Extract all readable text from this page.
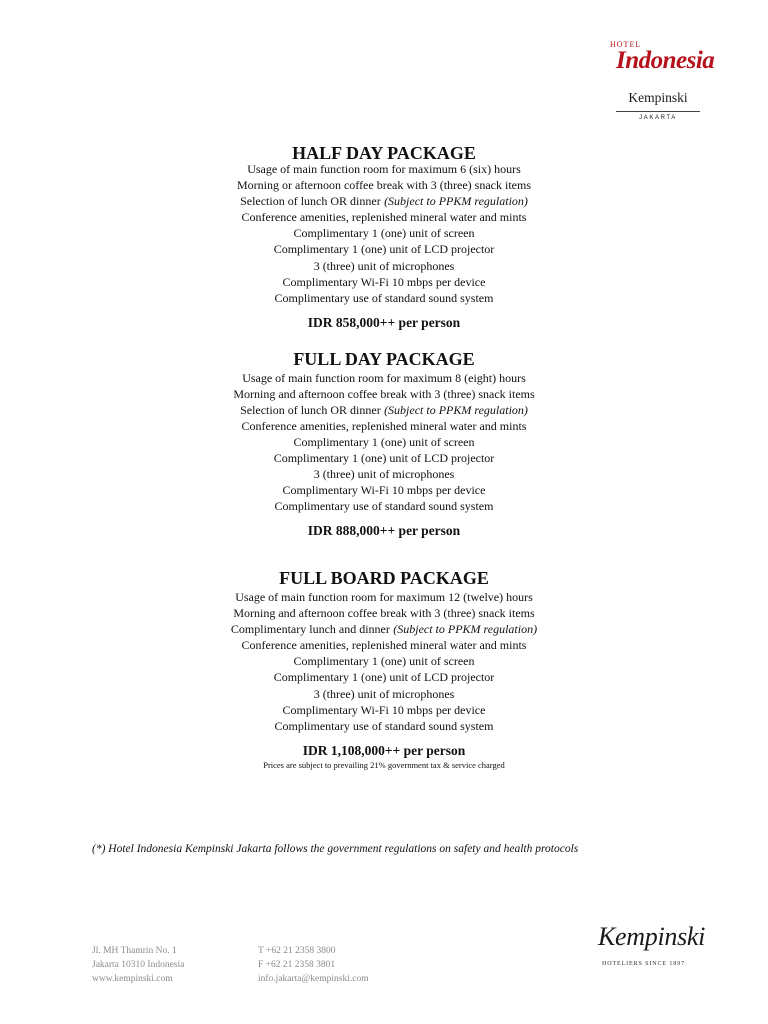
HOTEL
Indonesia
Kempinski
JAKARTA
HALF DAY PACKAGE
Usage of main function room for maximum 6 (six) hours
Morning or afternoon coffee break with 3 (three) snack items
Selection of lunch OR dinner (Subject to PPKM regulation)
Conference amenities, replenished mineral water and mints
Complimentary 1 (one) unit of screen
Complimentary 1 (one) unit of LCD projector
3 (three) unit of microphones
Complimentary Wi-Fi 10 mbps per device
Complimentary use of standard sound system
IDR 858,000++ per person
FULL DAY PACKAGE
Usage of main function room for maximum 8 (eight) hours
Morning and afternoon coffee break with 3 (three) snack items
Selection of lunch OR dinner (Subject to PPKM regulation)
Conference amenities, replenished mineral water and mints
Complimentary 1 (one) unit of screen
Complimentary 1 (one) unit of LCD projector
3 (three) unit of microphones
Complimentary Wi-Fi 10 mbps per device
Complimentary use of standard sound system
IDR 888,000++ per person
FULL BOARD PACKAGE
Usage of main function room for maximum 12 (twelve) hours
Morning and afternoon coffee break with 3 (three) snack items
Complimentary lunch and dinner (Subject to PPKM regulation)
Conference amenities, replenished mineral water and mints
Complimentary 1 (one) unit of screen
Complimentary 1 (one) unit of LCD projector
3 (three) unit of microphones
Complimentary Wi-Fi 10 mbps per device
Complimentary use of standard sound system
IDR 1,108,000++ per person
Prices are subject to prevailing 21% government tax & service charged
(*) Hotel Indonesia Kempinski Jakarta follows the government regulations on safety and health protocols
Jl. MH Thamrin No. 1
Jakarta 10310 Indonesia
www.kempinski.com
T +62 21 2358 3800
F +62 21 2358 3801
info.jakarta@kempinski.com
Kempinski
HOTELIERS SINCE 1897
